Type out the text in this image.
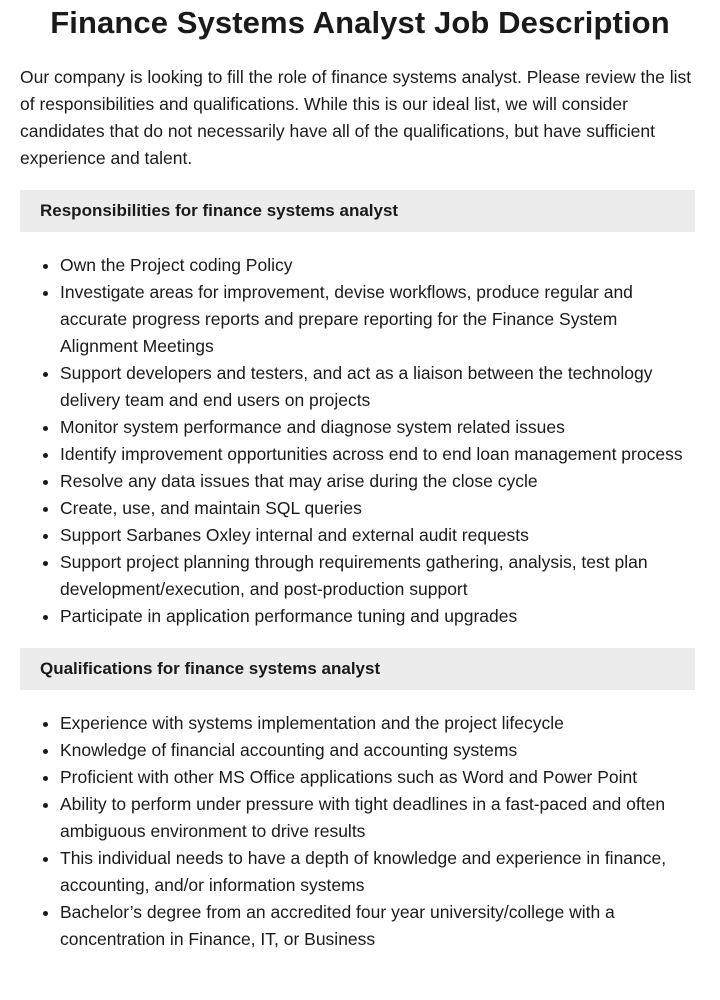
Finance Systems Analyst Job Description

Our company is looking to fill the role of finance systems analyst. Please review the list of responsibilities and qualifications. While this is our ideal list, we will consider candidates that do not necessarily have all of the qualifications, but have sufficient experience and talent.

Responsibilities for finance systems analyst
• Own the Project coding Policy
• Investigate areas for improvement, devise workflows, produce regular and accurate progress reports and prepare reporting for the Finance System Alignment Meetings
• Support developers and testers, and act as a liaison between the technology delivery team and end users on projects
• Monitor system performance and diagnose system related issues
• Identify improvement opportunities across end to end loan management process
• Resolve any data issues that may arise during the close cycle
• Create, use, and maintain SQL queries
• Support Sarbanes Oxley internal and external audit requests
• Support project planning through requirements gathering, analysis, test plan development/execution, and post-production support
• Participate in application performance tuning and upgrades
Qualifications for finance systems analyst
• Experience with systems implementation and the project lifecycle
• Knowledge of financial accounting and accounting systems
• Proficient with other MS Office applications such as Word and Power Point
• Ability to perform under pressure with tight deadlines in a fast-paced and often ambiguous environment to drive results
• This individual needs to have a depth of knowledge and experience in finance, accounting, and/or information systems
• Bachelor’s degree from an accredited four year university/college with a concentration in Finance, IT, or Business
